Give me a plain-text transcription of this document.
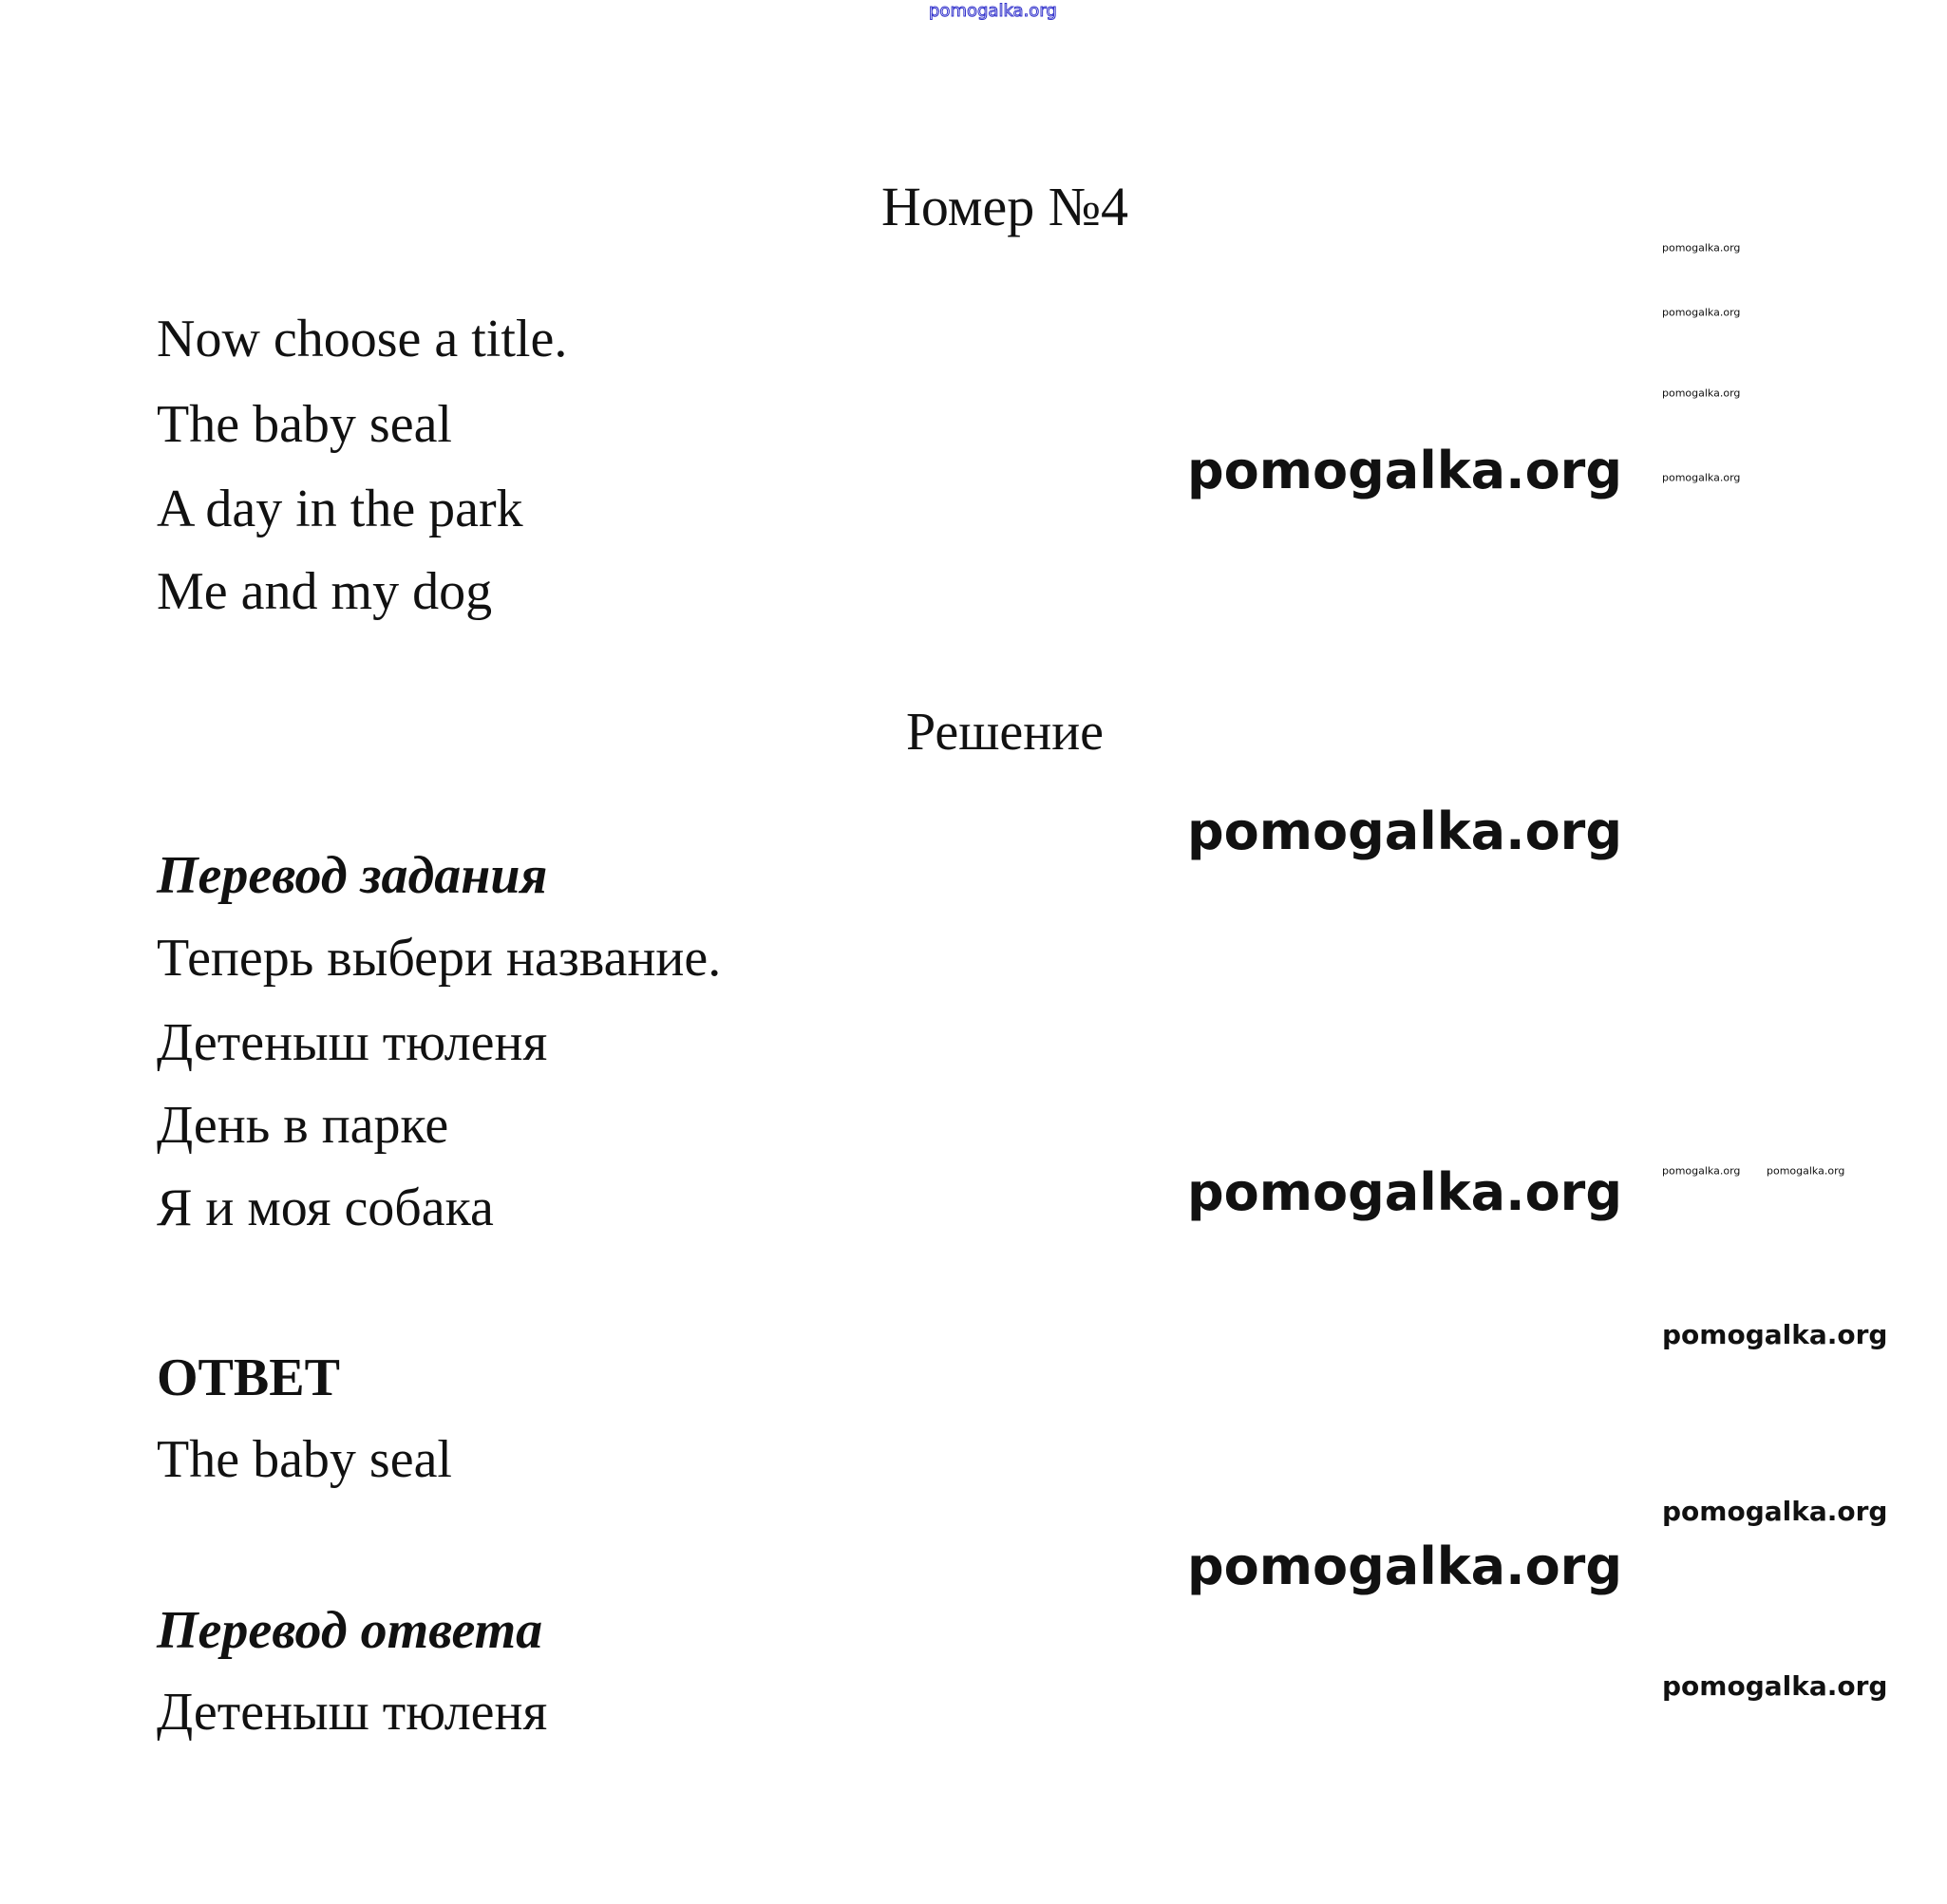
pomogalka.org
Номер №4
pomogalka.org
pomogalka.org
pomogalka.org
pomogalka.org
Now choose a title.
The baby seal
A day in the park
Me and my dog
pomogalka.org
Решение
pomogalka.org
Перевод задания
Теперь выбери название.
Детеныш тюленя
День в парке
Я и моя собака
pomogalka.org	pomogalka.org
pomogalka.org
pomogalka.org
ОТВЕТ
The baby seal
pomogalka.org
pomogalka.org
Перевод ответа
Детеныш тюленя	pomogalka.org
